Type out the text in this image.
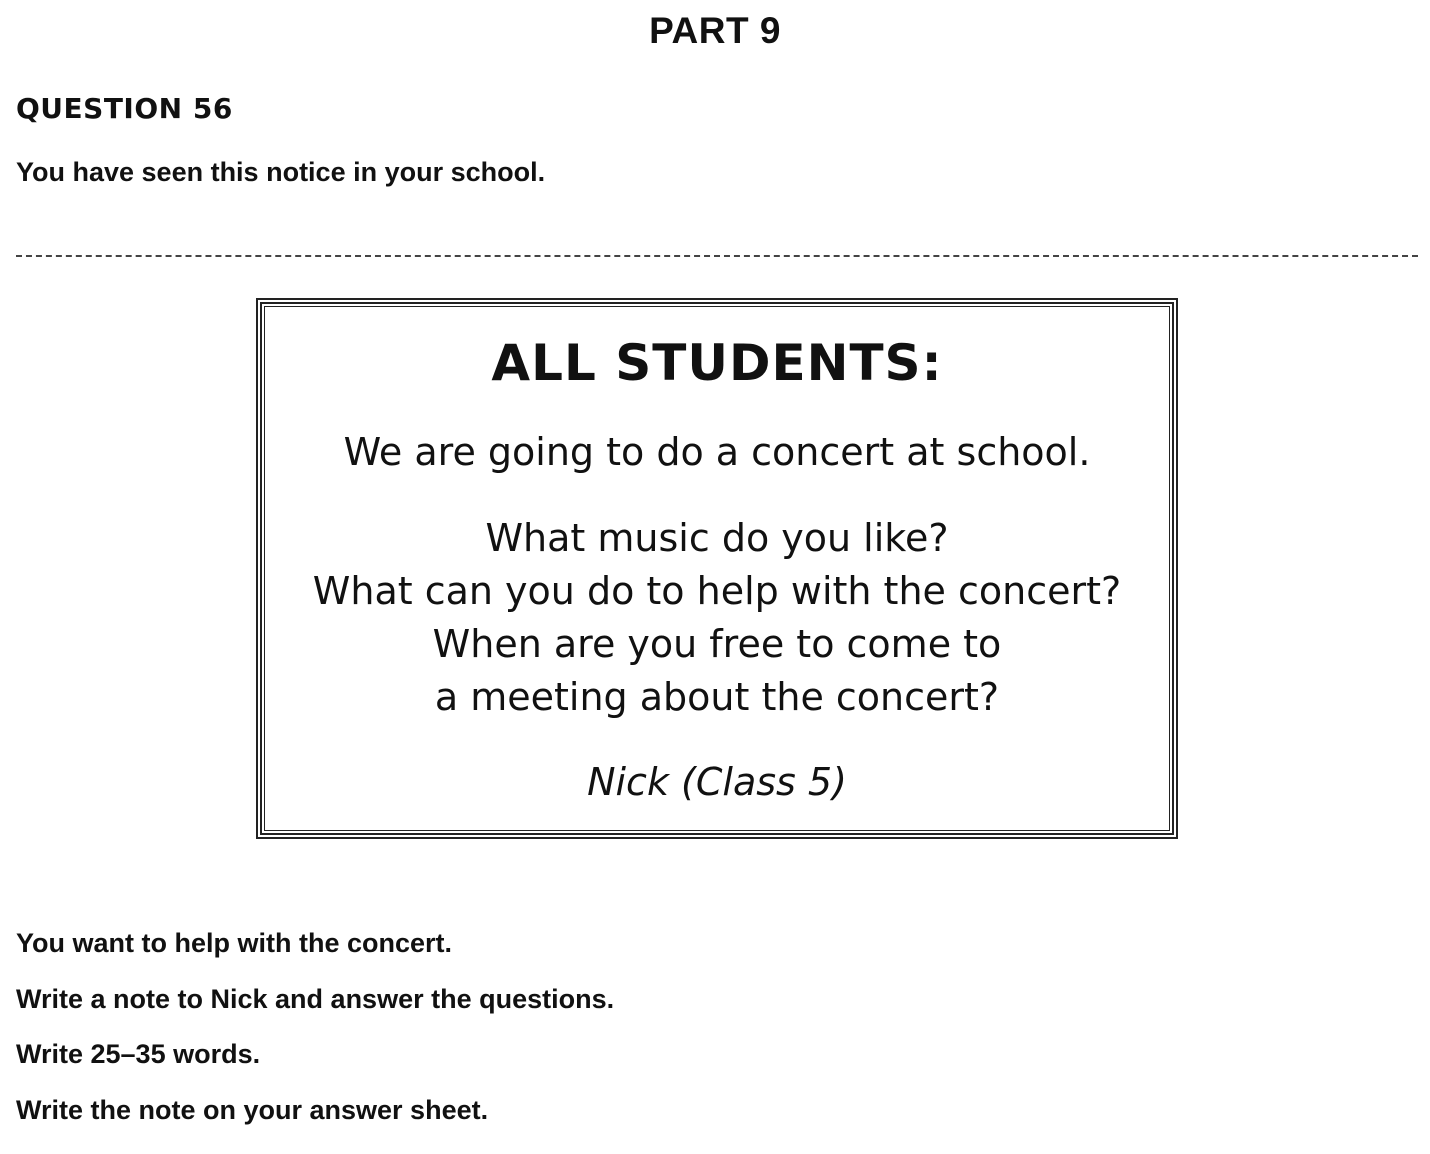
PART 9
QUESTION 56
You have seen this notice in your school.
ALL STUDENTS:
We are going to do a concert at school.
What music do you like?
What can you do to help with the concert?
When are you free to come to
a meeting about the concert?
Nick (Class 5)
You want to help with the concert.
Write a note to Nick and answer the questions.
Write 25–35 words.
Write the note on your answer sheet.
